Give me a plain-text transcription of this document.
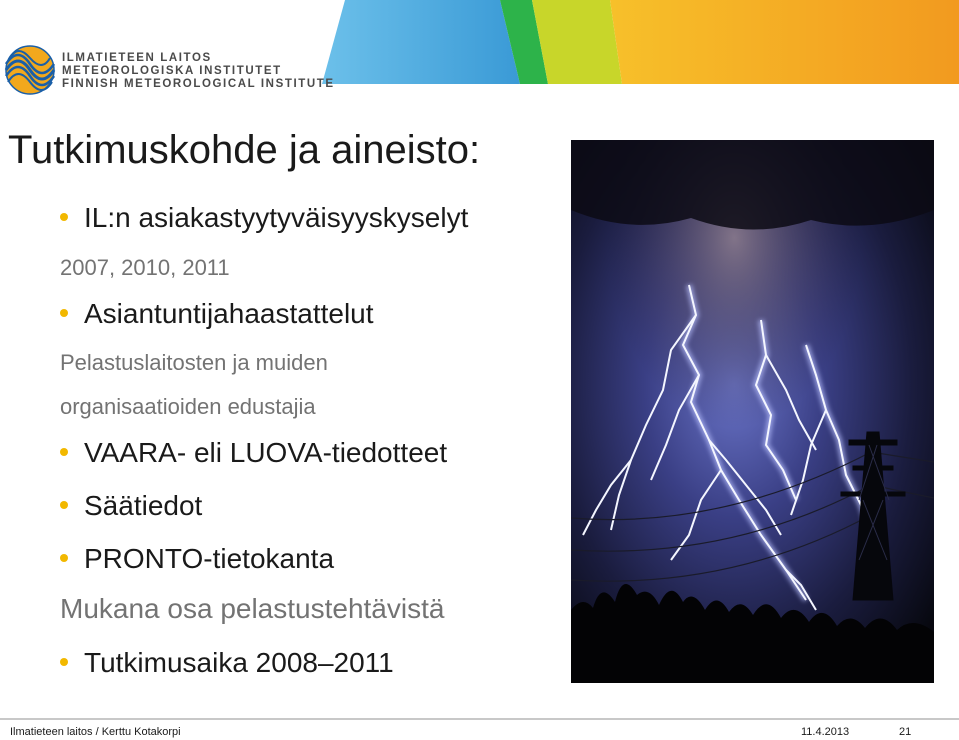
ILMATIETEEN LAITOS
METEOROLOGISKA INSTITUTET
FINNISH METEOROLOGICAL INSTITUTE
Tutkimuskohde ja aineisto:
IL:n asiakastyytyväisyyskyselyt
2007, 2010, 2011
Asiantuntijahaastattelut
Pelastuslaitosten ja muiden
organisaatioiden edustajia
VAARA- eli LUOVA-tiedotteet
Säätiedot
PRONTO-tietokanta
Mukana osa pelastustehtävistä
Tutkimusaika 2008–2011
Ilmatieteen laitos / Kerttu Kotakorpi	11.4.2013	21
